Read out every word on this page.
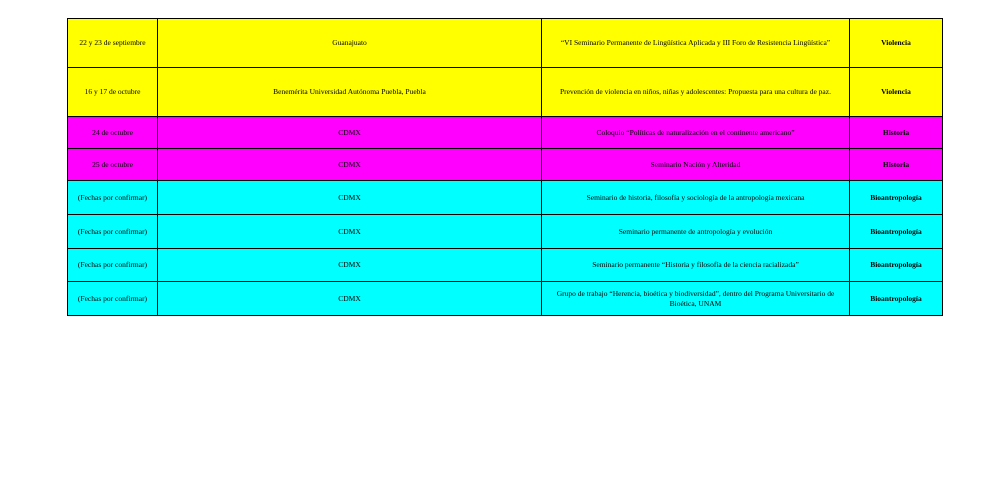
22 y 23 de septiembre	Guanajuato	“VI Seminario Permanente de Lingüística Aplicada y III Foro de Resistencia Lingüística”	Violencia
16 y 17 de octubre	Benemérita Universidad Autónoma Puebla, Puebla	Prevención de violencia en niños, niñas y adolescentes: Propuesta para una cultura de paz.	Violencia
24 de octubre	CDMX	Coloquio “Políticas de naturalización en el continente americano”	Historia
25 de octubre	CDMX	Seminario Nación y Alteridad	Historia
(Fechas por confirmar)	CDMX	Seminario de historia, filosofía y sociología de la antropología mexicana	Bioantropología
(Fechas por confirmar)	CDMX	Seminario permanente de antropología y evolución	Bioantropología
(Fechas por confirmar)	CDMX	Seminario permanente “Historia y filosofía de la ciencia racializada”	Bioantropología
(Fechas por confirmar)	CDMX	Grupo de trabajo “Herencia, bioética y biodiversidad”, dentro del Programa Universitario de Bioética, UNAM	Bioantropología
